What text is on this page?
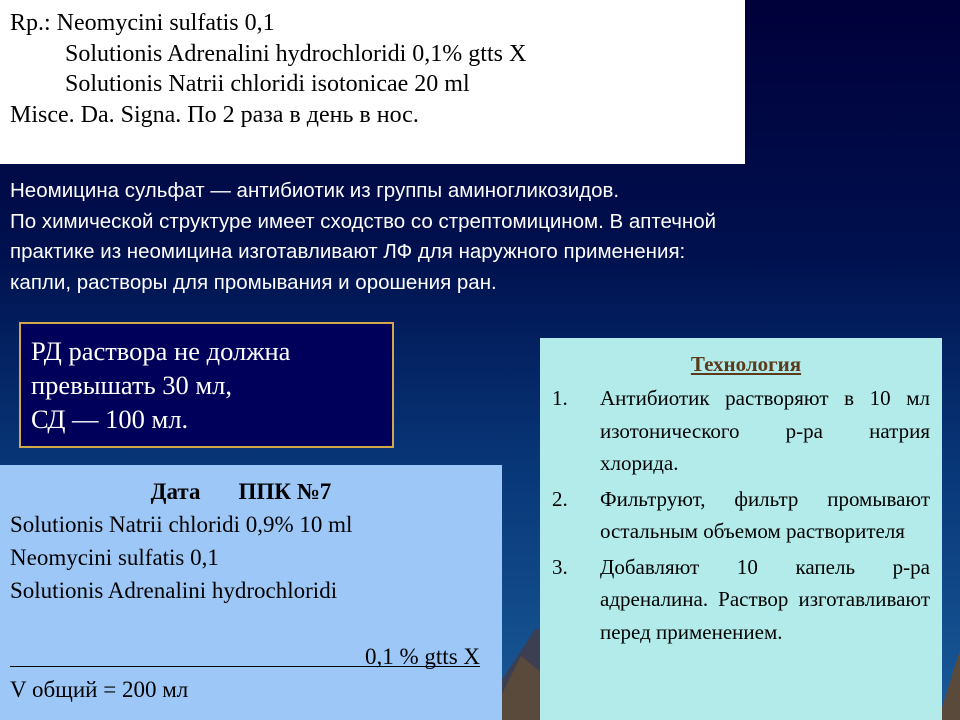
Rp.: Neomycini sulfatis 0,1
Solutionis Adrenalini hydrochloridi 0,1% gtts X
Solutionis Natrii chloridi isotonicae 20 ml
Misce. Da. Signa. По 2 раза в день в нос.
Неомицина сульфат — антибиотик из группы аминогликозидов.
По химической структуре имеет сходство со стрептомицином. В аптечной
практике из неомицина изготавливают ЛФ для наружного применения:
капли, растворы для промывания и орошения ран.
РД раствора не должна
превышать 30 мл,
СД — 100 мл.
Дата ППК №7
Solutionis Natrii chloridi 0,9% 10 ml
Neomycini sulfatis 0,1
Solutionis Adrenalini hydrochloridi
0,1 % gtts X
V общий = 200 мл
Технология
1.	Антибиотик растворяют в 10 мл изотонического р-ра натрия хлорида.
2.	Фильтруют, фильтр промывают остальным объемом растворителя
3.	Добавляют 10 капель р-ра адреналина. Раствор изготавливают перед применением.
